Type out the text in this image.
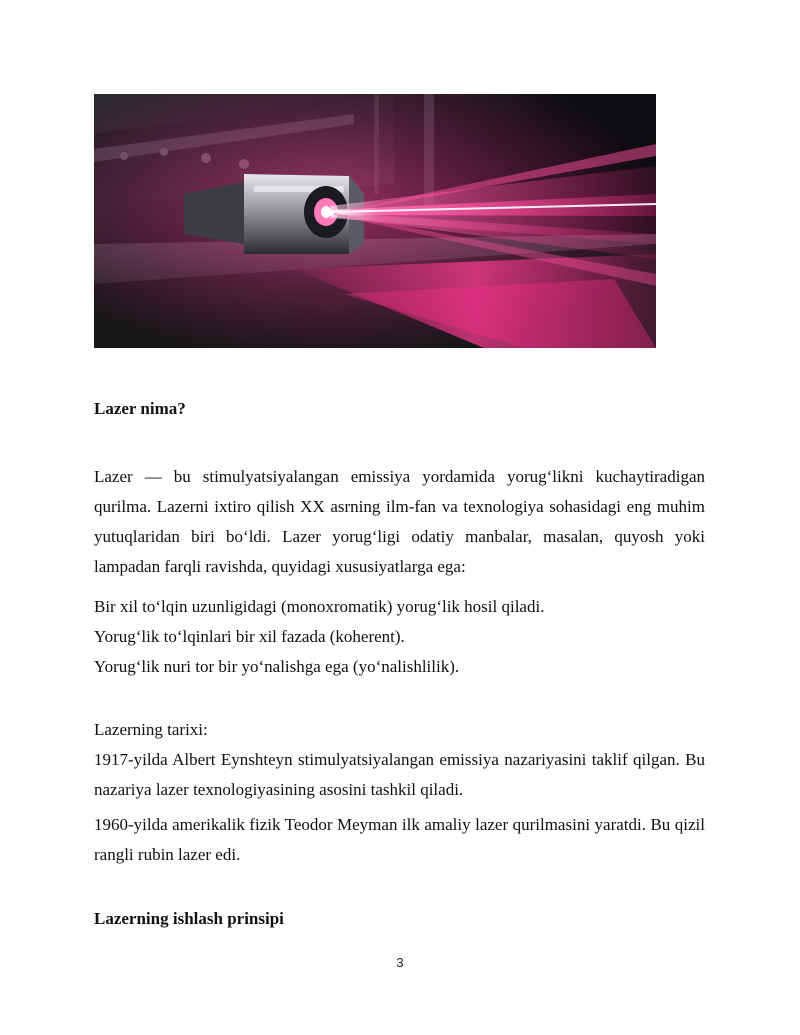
Lazer nima?
Lazer — bu stimulyatsiyalangan emissiya yordamida yorug‘likni kuchaytiradigan qurilma. Lazerni ixtiro qilish XX asrning ilm-fan va texnologiya sohasidagi eng muhim yutuqlaridan biri bo‘ldi. Lazer yorug‘ligi odatiy manbalar, masalan, quyosh yoki lampadan farqli ravishda, quyidagi xususiyatlarga ega:
Bir xil to‘lqin uzunligidagi (monoxromatik) yorug‘lik hosil qiladi.
Yorug‘lik to‘lqinlari bir xil fazada (koherent).
Yorug‘lik nuri tor bir yo‘nalishga ega (yo‘nalishlilik).
Lazerning tarixi:
1917-yilda Albert Eynshteyn stimulyatsiyalangan emissiya nazariyasini taklif qilgan. Bu nazariya lazer texnologiyasining asosini tashkil qiladi.
1960-yilda amerikalik fizik Teodor Meyman ilk amaliy lazer qurilmasini yaratdi. Bu qizil rangli rubin lazer edi.
Lazerning ishlash prinsipi
3
